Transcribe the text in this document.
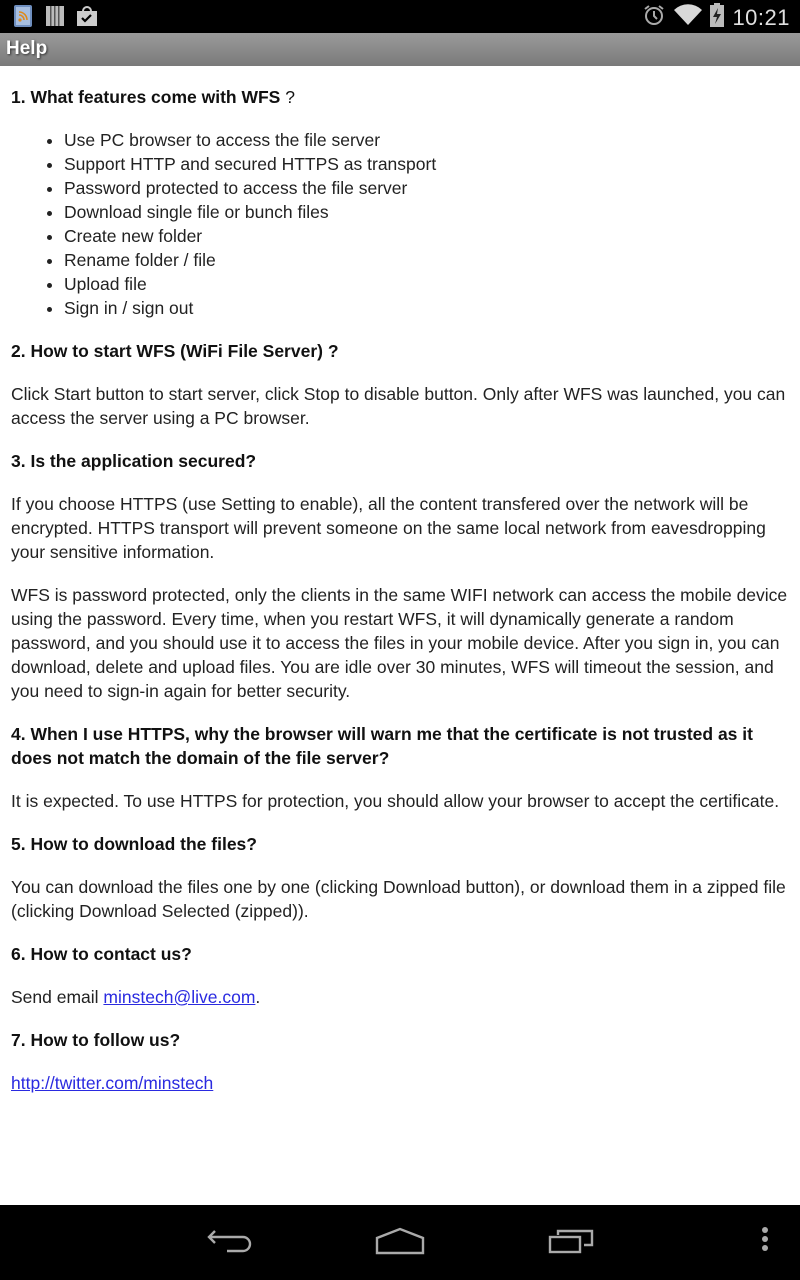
10:21
Help
1. What features come with WFS ?
• Use PC browser to access the file server
• Support HTTP and secured HTTPS as transport
• Password protected to access the file server
• Download single file or bunch files
• Create new folder
• Rename folder / file
• Upload file
• Sign in / sign out
2. How to start WFS (WiFi File Server) ?

Click Start button to start server, click Stop to disable button. Only after WFS was launched, you can access the server using a PC browser.

3. Is the application secured?

If you choose HTTPS (use Setting to enable), all the content transfered over the network will be encrypted. HTTPS transport will prevent someone on the same local network from eavesdropping your sensitive information.

WFS is password protected, only the clients in the same WIFI network can access the mobile device using the password. Every time, when you restart WFS, it will dynamically generate a random password, and you should use it to access the files in your mobile device. After you sign in, you can download, delete and upload files. You are idle over 30 minutes, WFS will timeout the session, and you need to sign-in again for better security.

4. When I use HTTPS, why the browser will warn me that the certificate is not trusted as it does not match the domain of the file server?

It is expected. To use HTTPS for protection, you should allow your browser to accept the certificate.

5. How to download the files?

You can download the files one by one (clicking Download button), or download them in a zipped file (clicking Download Selected (zipped)).

6. How to contact us?

Send email minstech@live.com.

7. How to follow us?

http://twitter.com/minstech
